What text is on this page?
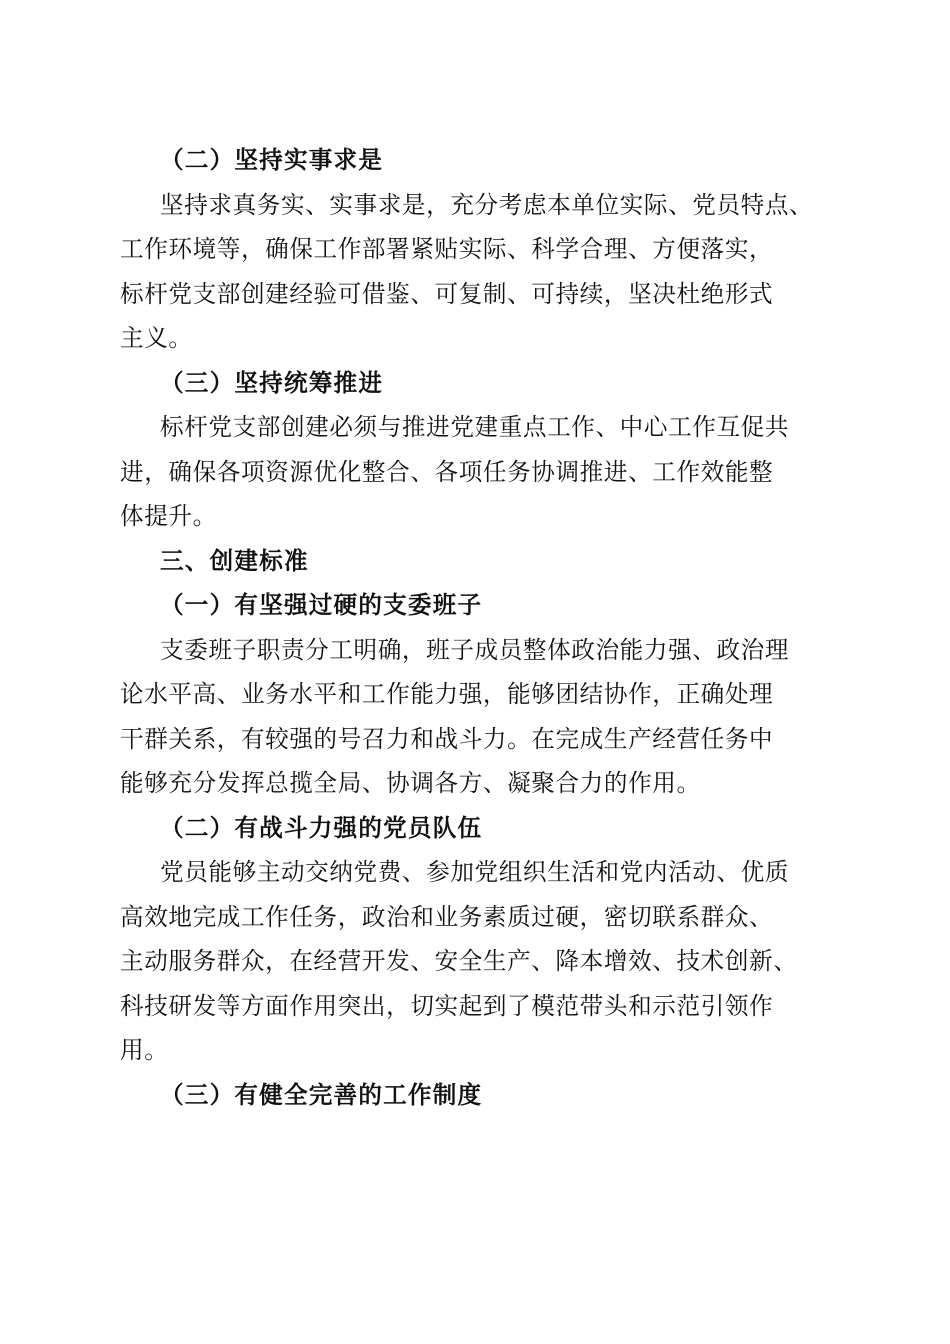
（二）坚持实事求是
坚持求真务实、实事求是，充分考虑本单位实际、党员特点、
工作环境等，确保工作部署紧贴实际、科学合理、方便落实，
标杆党支部创建经验可借鉴、可复制、可持续，坚决杜绝形式
主义。
（三）坚持统筹推进
标杆党支部创建必须与推进党建重点工作、中心工作互促共
进，确保各项资源优化整合、各项任务协调推进、工作效能整
体提升。
三、创建标准
（一）有坚强过硬的支委班子
支委班子职责分工明确，班子成员整体政治能力强、政治理
论水平高、业务水平和工作能力强，能够团结协作，正确处理
干群关系，有较强的号召力和战斗力。在完成生产经营任务中
能够充分发挥总揽全局、协调各方、凝聚合力的作用。
（二）有战斗力强的党员队伍
党员能够主动交纳党费、参加党组织生活和党内活动、优质
高效地完成工作任务，政治和业务素质过硬，密切联系群众、
主动服务群众，在经营开发、安全生产、降本增效、技术创新、
科技研发等方面作用突出，切实起到了模范带头和示范引领作
用。
（三）有健全完善的工作制度
